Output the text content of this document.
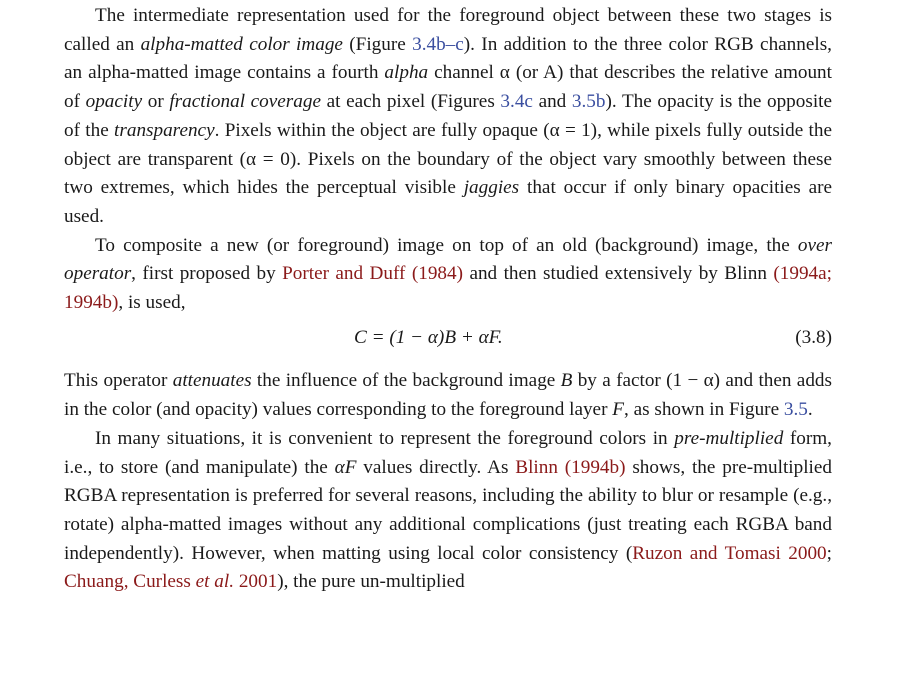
The intermediate representation used for the foreground object between these two stages is called an alpha-matted color image (Figure 3.4b–c). In addition to the three color RGB channels, an alpha-matted image contains a fourth alpha channel α (or A) that describes the relative amount of opacity or fractional coverage at each pixel (Figures 3.4c and 3.5b). The opacity is the opposite of the transparency. Pixels within the object are fully opaque (α = 1), while pixels fully outside the object are transparent (α = 0). Pixels on the boundary of the object vary smoothly between these two extremes, which hides the perceptual visible jaggies that occur if only binary opacities are used.

To composite a new (or foreground) image on top of an old (background) image, the over operator, first proposed by Porter and Duff (1984) and then studied extensively by Blinn (1994a; 1994b), is used,

C = (1 − α)B + αF.	(3.8)

This operator attenuates the influence of the background image B by a factor (1 − α) and then adds in the color (and opacity) values corresponding to the foreground layer F, as shown in Figure 3.5.

In many situations, it is convenient to represent the foreground colors in pre-multiplied form, i.e., to store (and manipulate) the αF values directly. As Blinn (1994b) shows, the pre-multiplied RGBA representation is preferred for several reasons, including the ability to blur or resample (e.g., rotate) alpha-matted images without any additional complications (just treating each RGBA band independently). However, when matting using local color consistency (Ruzon and Tomasi 2000; Chuang, Curless et al. 2001), the pure un-multiplied
